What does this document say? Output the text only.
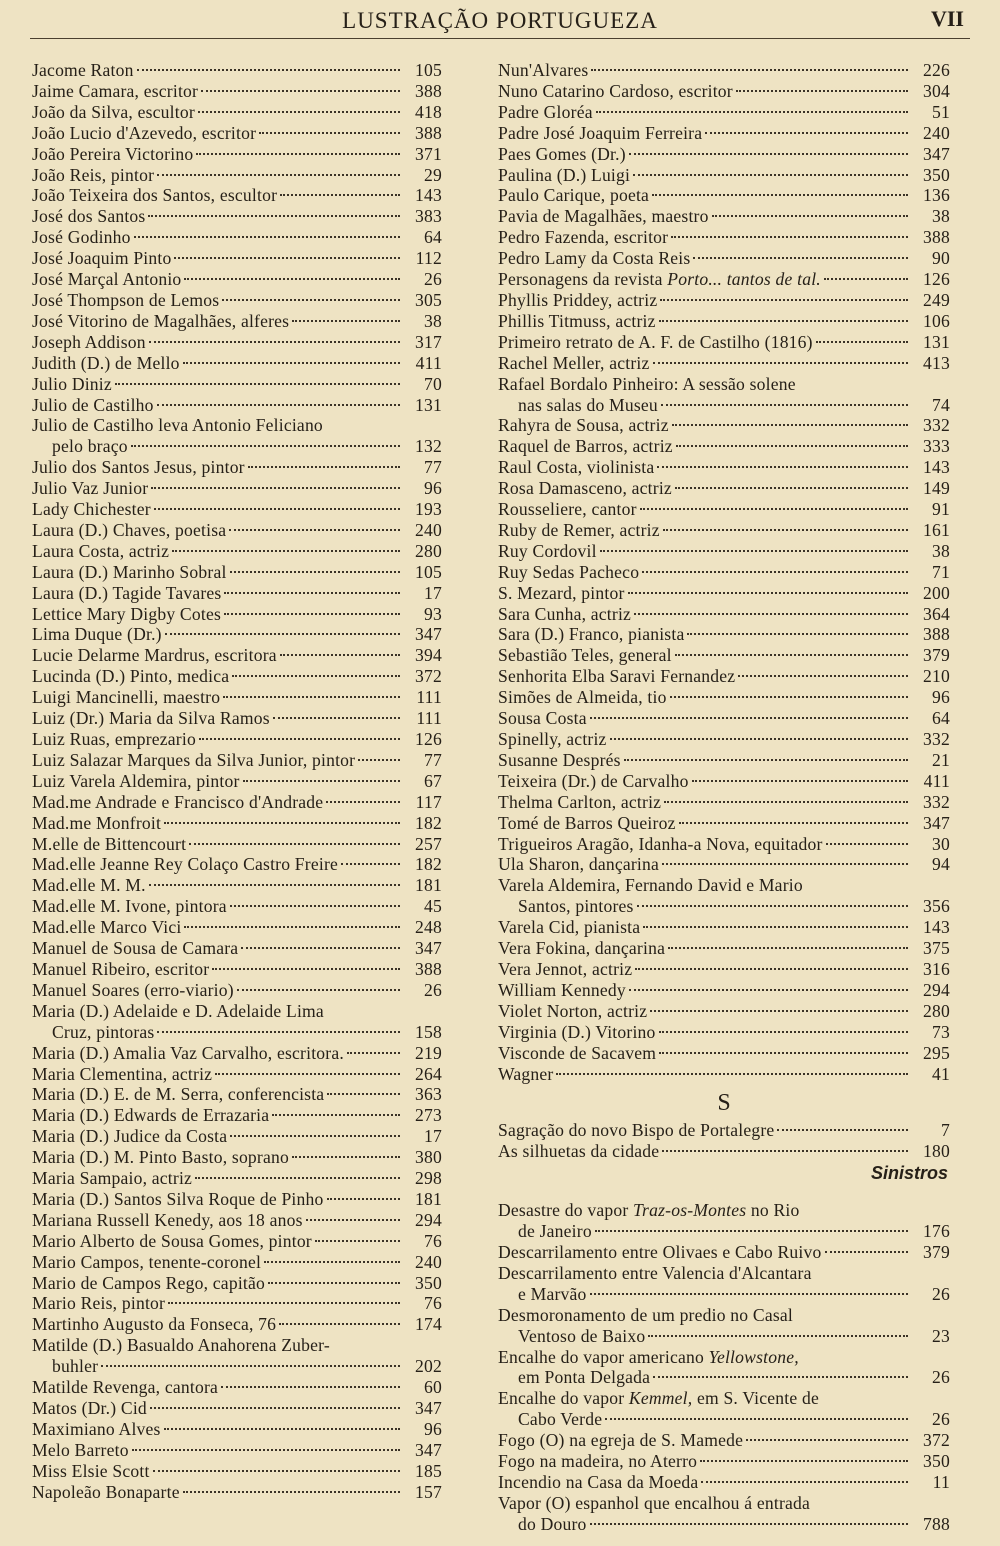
LUSTRAÇÃO PORTUGUEZA	VII
Jacome Raton	105
Jaime Camara, escritor	388
João da Silva, escultor	418
João Lucio d'Azevedo, escritor	388
João Pereira Victorino	371
João Reis, pintor	29
João Teixeira dos Santos, escultor	143
José dos Santos	383
José Godinho	64
José Joaquim Pinto	112
José Marçal Antonio	26
José Thompson de Lemos	305
José Vitorino de Magalhães, alferes	38
Joseph Addison	317
Judith (D.) de Mello	411
Julio Diniz	70
Julio de Castilho	131
Julio de Castilho leva Antonio Feliciano
pelo braço	132
Julio dos Santos Jesus, pintor	77
Julio Vaz Junior	96
Lady Chichester	193
Laura (D.) Chaves, poetisa	240
Laura Costa, actriz	280
Laura (D.) Marinho Sobral	105
Laura (D.) Tagide Tavares	17
Lettice Mary Digby Cotes	93
Lima Duque (Dr.)	347
Lucie Delarme Mardrus, escritora	394
Lucinda (D.) Pinto, medica	372
Luigi Mancinelli, maestro	111
Luiz (Dr.) Maria da Silva Ramos	111
Luiz Ruas, emprezario	126
Luiz Salazar Marques da Silva Junior, pintor	77
Luiz Varela Aldemira, pintor	67
Mad.me Andrade e Francisco d'Andrade	117
Mad.me Monfroit	182
M.elle de Bittencourt	257
Mad.elle Jeanne Rey Colaço Castro Freire	182
Mad.elle M. M.	181
Mad.elle M. Ivone, pintora	45
Mad.elle Marco Vici	248
Manuel de Sousa de Camara	347
Manuel Ribeiro, escritor	388
Manuel Soares (erro-viario)	26
Maria (D.) Adelaide e D. Adelaide Lima
Cruz, pintoras	158
Maria (D.) Amalia Vaz Carvalho, escritora.	219
Maria Clementina, actriz	264
Maria (D.) E. de M. Serra, conferencista	363
Maria (D.) Edwards de Errazaria	273
Maria (D.) Judice da Costa	17
Maria (D.) M. Pinto Basto, soprano	380
Maria Sampaio, actriz	298
Maria (D.) Santos Silva Roque de Pinho	181
Mariana Russell Kenedy, aos 18 anos	294
Mario Alberto de Sousa Gomes, pintor	76
Mario Campos, tenente-coronel	240
Mario de Campos Rego, capitão	350
Mario Reis, pintor	76
Martinho Augusto da Fonseca, 76	174
Matilde (D.) Basualdo Anahorena Zuber-
buhler	202
Matilde Revenga, cantora	60
Matos (Dr.) Cid	347
Maximiano Alves	96
Melo Barreto	347
Miss Elsie Scott	185
Napoleão Bonaparte	157
Nun'Alvares	226
Nuno Catarino Cardoso, escritor	304
Padre Gloréa	51
Padre José Joaquim Ferreira	240
Paes Gomes (Dr.)	347
Paulina (D.) Luigi	350
Paulo Carique, poeta	136
Pavia de Magalhães, maestro	38
Pedro Fazenda, escritor	388
Pedro Lamy da Costa Reis	90
Personagens da revista Porto... tantos de tal.	126
Phyllis Priddey, actriz	249
Phillis Titmuss, actriz	106
Primeiro retrato de A. F. de Castilho (1816)	131
Rachel Meller, actriz	413
Rafael Bordalo Pinheiro: A sessão solene
nas salas do Museu	74
Rahyra de Sousa, actriz	332
Raquel de Barros, actriz	333
Raul Costa, violinista	143
Rosa Damasceno, actriz	149
Rousseliere, cantor	91
Ruby de Remer, actriz	161
Ruy Cordovil	38
Ruy Sedas Pacheco	71
S. Mezard, pintor	200
Sara Cunha, actriz	364
Sara (D.) Franco, pianista	388
Sebastião Teles, general	379
Senhorita Elba Saravi Fernandez	210
Simões de Almeida, tio	96
Sousa Costa	64
Spinelly, actriz	332
Susanne Després	21
Teixeira (Dr.) de Carvalho	411
Thelma Carlton, actriz	332
Tomé de Barros Queiroz	347
Trigueiros Aragão, Idanha-a Nova, equitador	30
Ula Sharon, dançarina	94
Varela Aldemira, Fernando David e Mario
Santos, pintores	356
Varela Cid, pianista	143
Vera Fokina, dançarina	375
Vera Jennot, actriz	316
William Kennedy	294
Violet Norton, actriz	280
Virginia (D.) Vitorino	73
Visconde de Sacavem	295
Wagner	41
S
Sagração do novo Bispo de Portalegre	7
As silhuetas da cidade	180
Sinistros
Desastre do vapor Traz-os-Montes no Rio
de Janeiro	176
Descarrilamento entre Olivaes e Cabo Ruivo	379
Descarrilamento entre Valencia d'Alcantara
e Marvão	26
Desmoronamento de um predio no Casal
Ventoso de Baixo	23
Encalhe do vapor americano Yellowstone,
em Ponta Delgada	26
Encalhe do vapor Kemmel, em S. Vicente de
Cabo Verde	26
Fogo (O) na egreja de S. Mamede	372
Fogo na madeira, no Aterro	350
Incendio na Casa da Moeda	11
Vapor (O) espanhol que encalhou á entrada
do Douro	788
